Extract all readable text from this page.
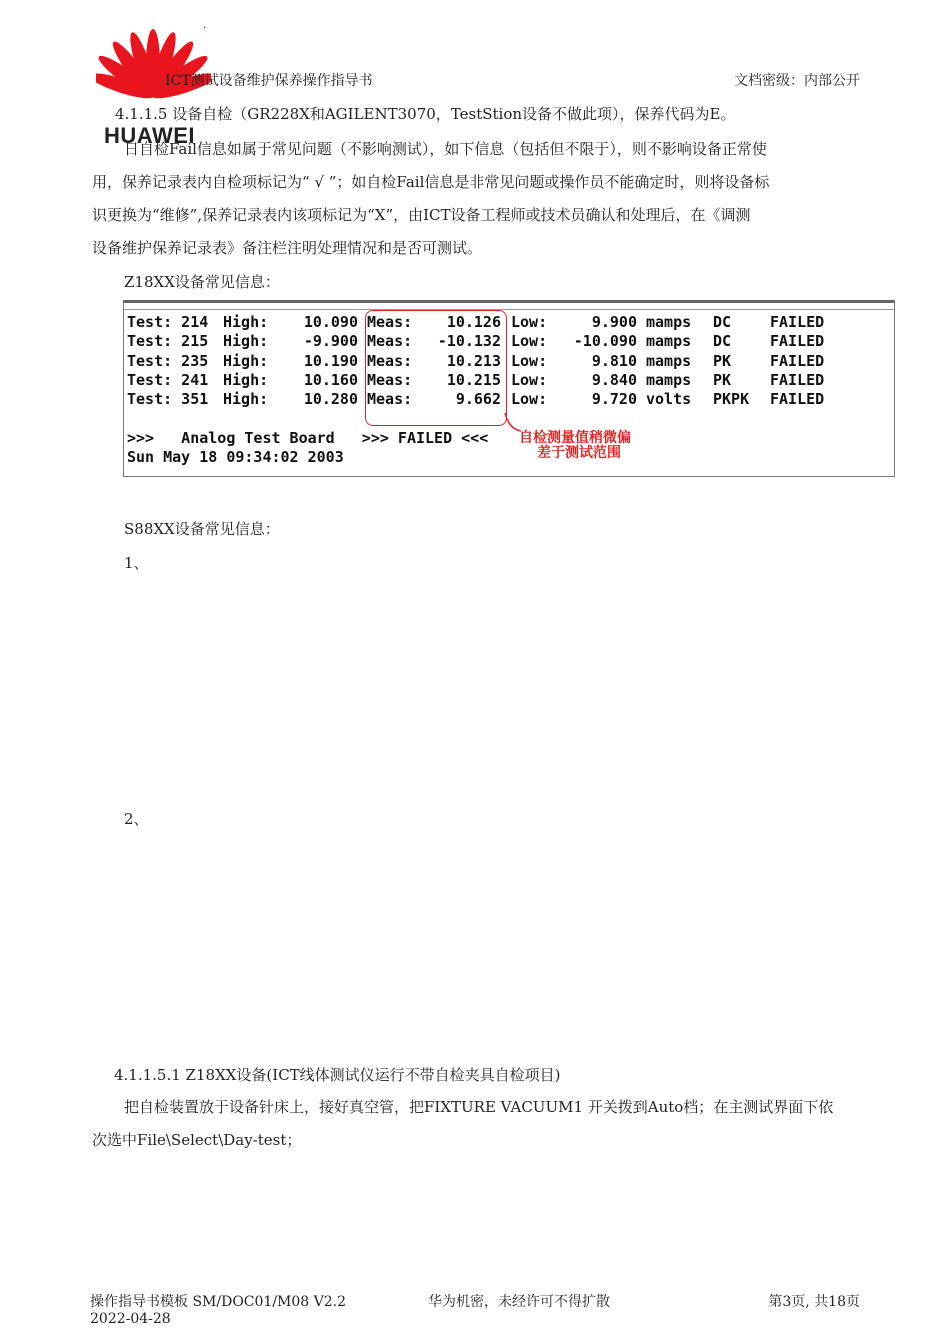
HUAWEI
.
ICT测试设备维护保养操作指导书	文档密级：内部公开
4.1.1.5 设备自检（GR228X和AGILENT3070，TestStion设备不做此项），保养代码为E。
日自检Fail信息如属于常见问题（不影响测试），如下信息（包括但不限于），则不影响设备正常使
用，保养记录表内自检项标记为“ √ ”；如自检Fail信息是非常见问题或操作员不能确定时，则将设备标
识更换为“维修”,保养记录表内该项标记为“X”，由ICT设备工程师或技术员确认和处理后，在《调测
设备维护保养记录表》备注栏注明处理情况和是否可测试。
Z18XX设备常见信息：
Test: 214 High: 10.090 Meas: 10.126 Low:	9.900 mamps DC	FAILED
Test: 215 High: -9.900 Meas: -10.132 Low: -10.090 mamps DC	FAILED
Test: 235 High: 10.190 Meas: 10.213 Low:	9.810 mamps PK	FAILED
Test: 241 High: 10.160 Meas: 10.215 Low:	9.840 mamps PK	FAILED
Test: 351 High: 10.280 Meas:	9.662 Low:	9.720 volts PKPK FAILED
>>>   Analog Test Board   >>> FAILED <<<
Sun May 18 09:34:02 2003
自检测量值稍微偏
差于测试范围
S88XX设备常见信息：
1、
2、
4.1.1.5.1 Z18XX设备(ICT线体测试仪运行不带自检夹具自检项目)
把自检装置放于设备针床上，接好真空管，把FIXTURE VACUUM1 开关拨到Auto档；在主测试界面下依
次选中File\Select\Day-test；
操作指导书模板 SM/DOC01/M08 V2.2
2022-04-28
华为机密，未经许可不得扩散	第3页, 共18页
